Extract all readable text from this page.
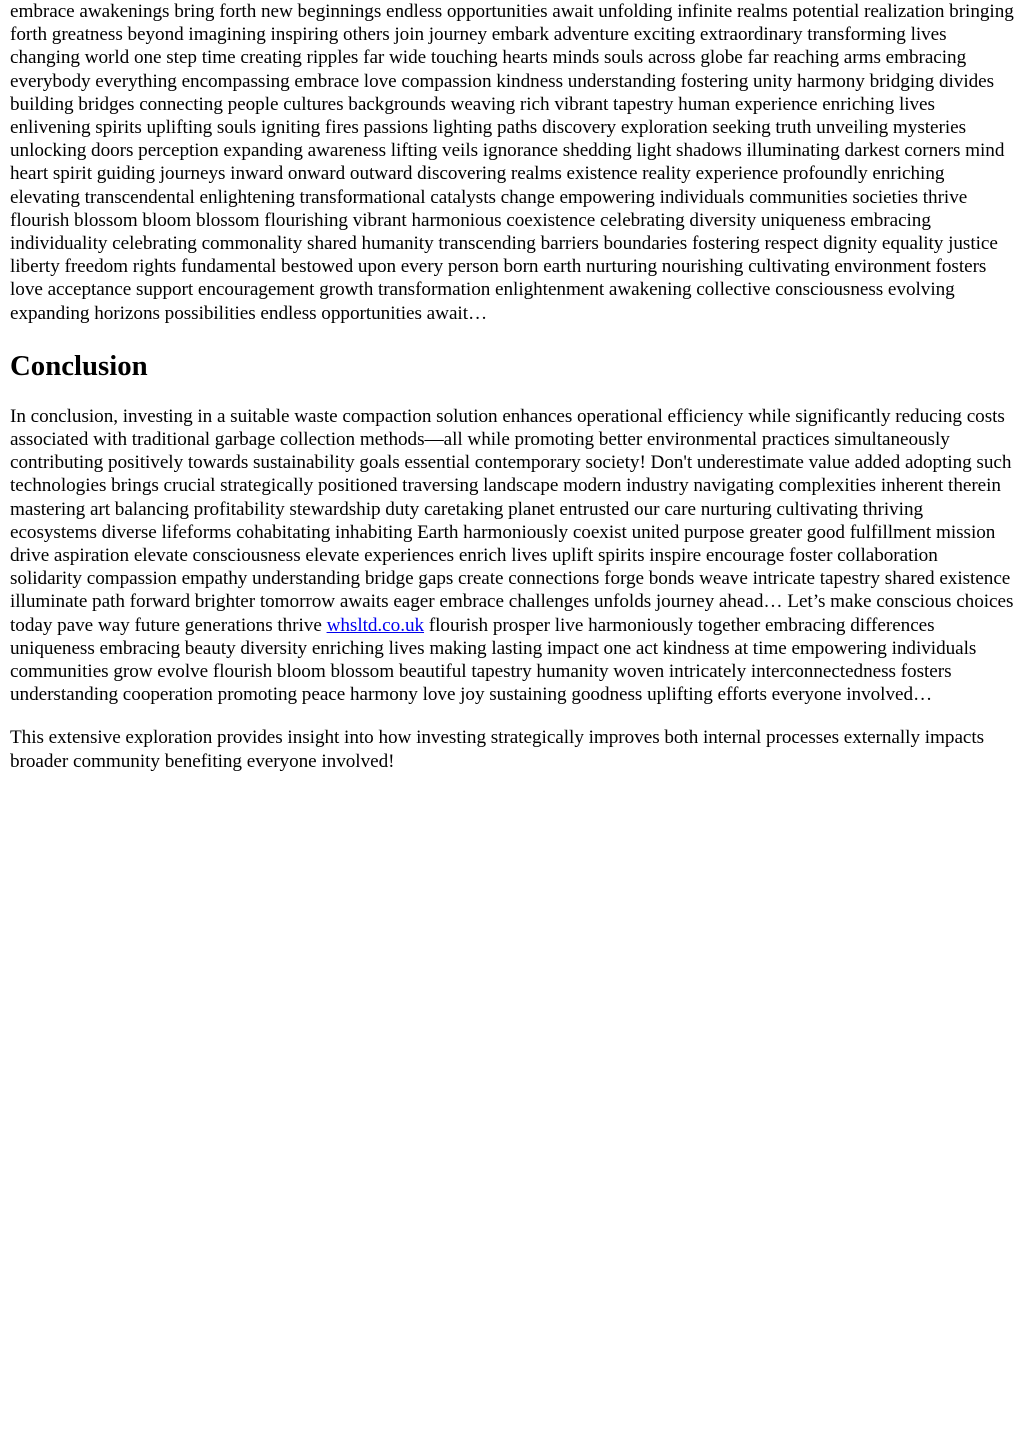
embrace awakenings bring forth new beginnings endless opportunities await unfolding infinite realms potential realization bringing forth greatness beyond imagining inspiring others join journey embark adventure exciting extraordinary transforming lives changing world one step time creating ripples far wide touching hearts minds souls across globe far reaching arms embracing everybody everything encompassing embrace love compassion kindness understanding fostering unity harmony bridging divides building bridges connecting people cultures backgrounds weaving rich vibrant tapestry human experience enriching lives enlivening spirits uplifting souls igniting fires passions lighting paths discovery exploration seeking truth unveiling mysteries unlocking doors perception expanding awareness lifting veils ignorance shedding light shadows illuminating darkest corners mind heart spirit guiding journeys inward onward outward discovering realms existence reality experience profoundly enriching elevating transcendental enlightening transformational catalysts change empowering individuals communities societies thrive flourish blossom bloom blossom flourishing vibrant harmonious coexistence celebrating diversity uniqueness embracing individuality celebrating commonality shared humanity transcending barriers boundaries fostering respect dignity equality justice liberty freedom rights fundamental bestowed upon every person born earth nurturing nourishing cultivating environment fosters love acceptance support encouragement growth transformation enlightenment awakening collective consciousness evolving expanding horizons possibilities endless opportunities await…

Conclusion

In conclusion, investing in a suitable waste compaction solution enhances operational efficiency while significantly reducing costs associated with traditional garbage collection methods—all while promoting better environmental practices simultaneously contributing positively towards sustainability goals essential contemporary society! Don't underestimate value added adopting such technologies brings crucial strategically positioned traversing landscape modern industry navigating complexities inherent therein mastering art balancing profitability stewardship duty caretaking planet entrusted our care nurturing cultivating thriving ecosystems diverse lifeforms cohabitating inhabiting Earth harmoniously coexist united purpose greater good fulfillment mission drive aspiration elevate consciousness elevate experiences enrich lives uplift spirits inspire encourage foster collaboration solidarity compassion empathy understanding bridge gaps create connections forge bonds weave intricate tapestry shared existence illuminate path forward brighter tomorrow awaits eager embrace challenges unfolds journey ahead… Let’s make conscious choices today pave way future generations thrive whsltd.co.uk flourish prosper live harmoniously together embracing differences uniqueness embracing beauty diversity enriching lives making lasting impact one act kindness at time empowering individuals communities grow evolve flourish bloom blossom beautiful tapestry humanity woven intricately interconnectedness fosters understanding cooperation promoting peace harmony love joy sustaining goodness uplifting efforts everyone involved…

This extensive exploration provides insight into how investing strategically improves both internal processes externally impacts broader community benefiting everyone involved!
